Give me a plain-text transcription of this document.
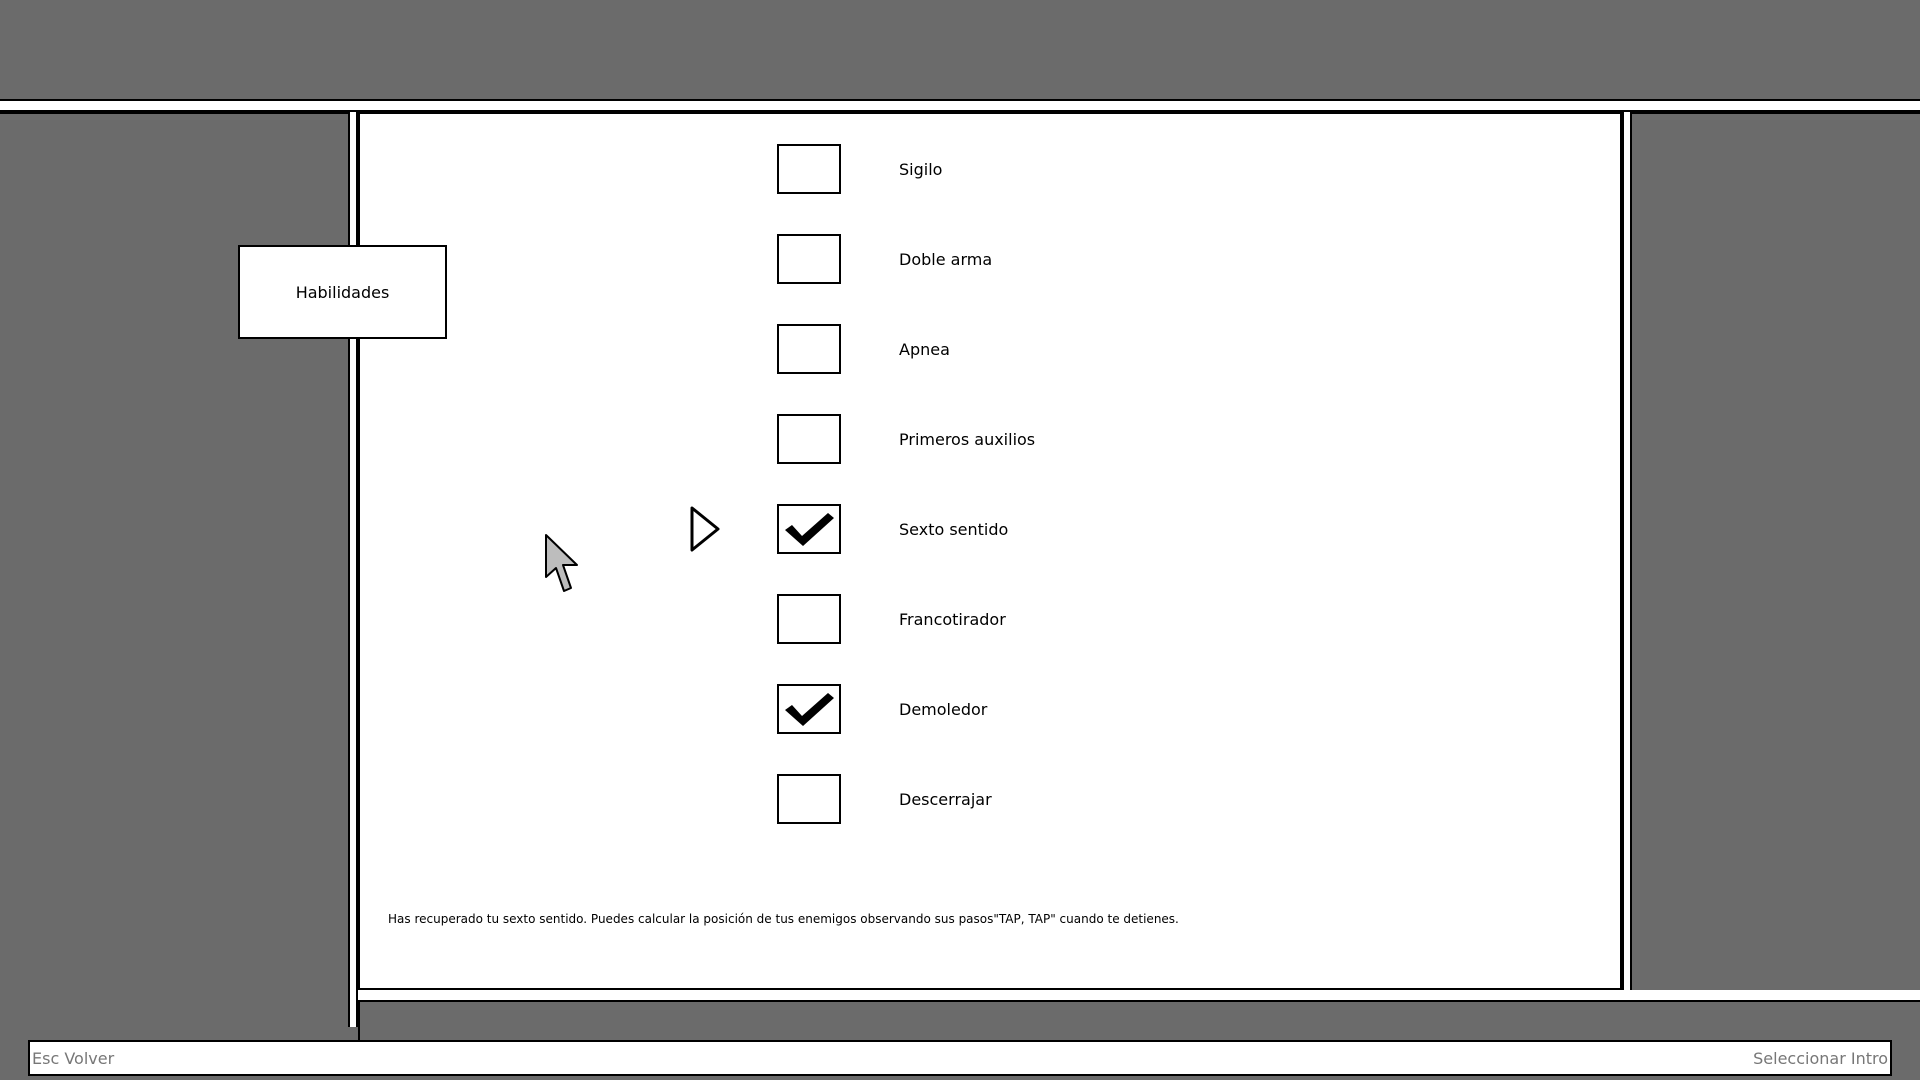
Habilidades
Sigilo
Doble arma
Apnea
Primeros auxilios
Sexto sentido
Francotirador
Demoledor
Descerrajar
Has recuperado tu sexto sentido. Puedes calcular la posición de tus enemigos observando sus pasos"TAP, TAP" cuando te detienes.
Esc Volver	Seleccionar Intro
